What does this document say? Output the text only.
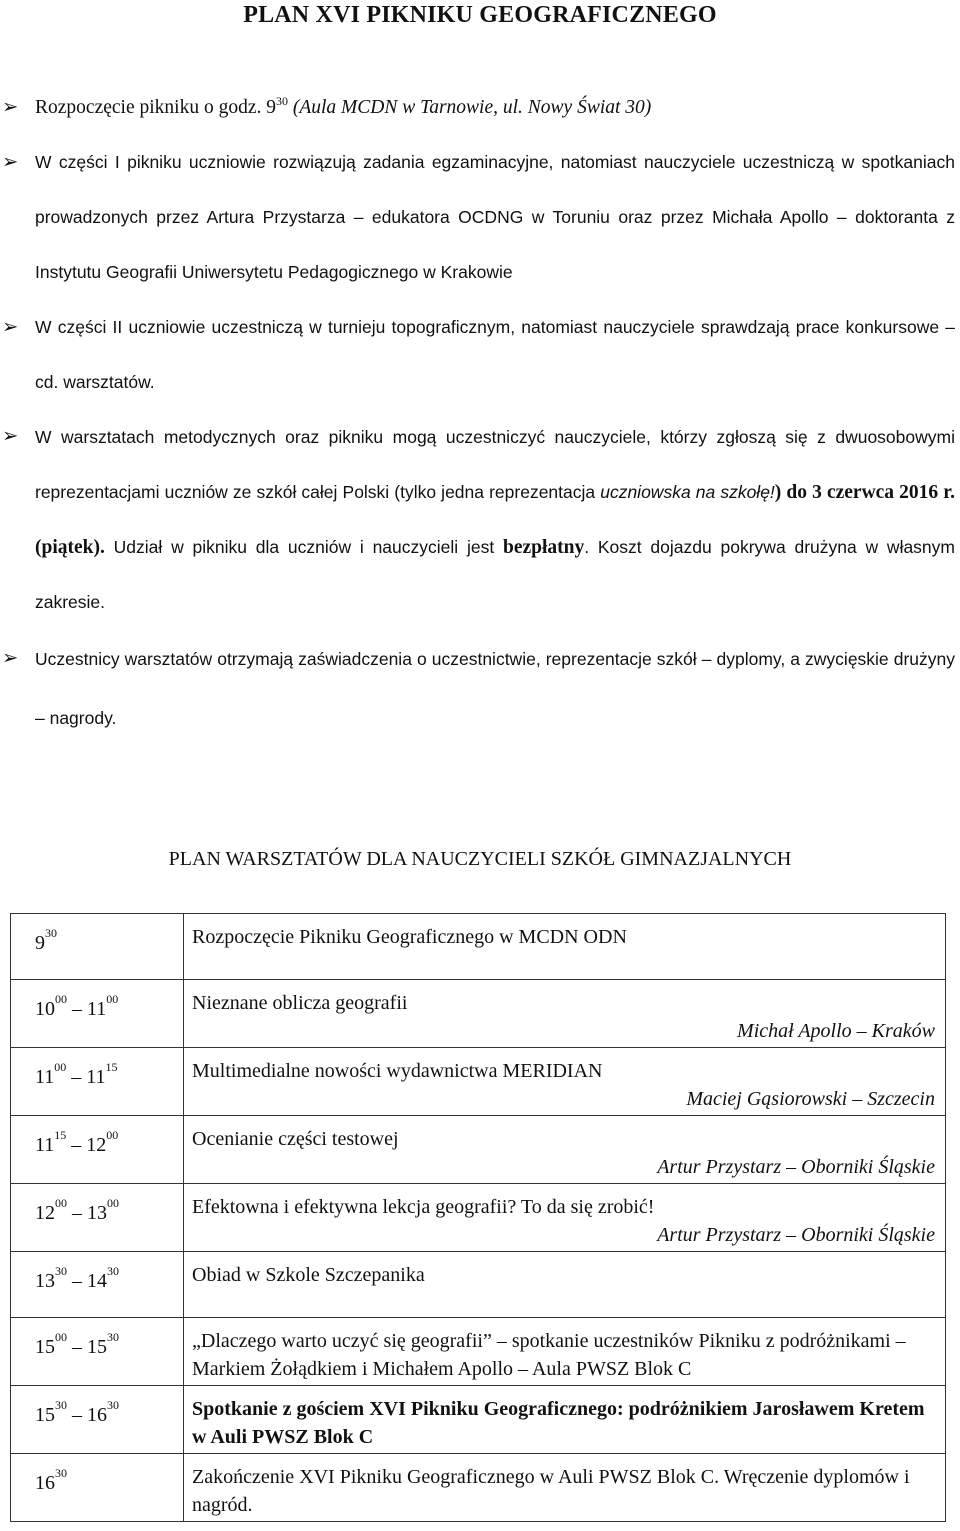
PLAN XVI PIKNIKU GEOGRAFICZNEGO
➢ Rozpoczęcie pikniku o godz. $9^{30}$ (Aula MCDN w Tarnowie, ul. Nowy Świat 30)
➢ W części I pikniku uczniowie rozwiązują zadania egzaminacyjne, natomiast nauczyciele uczestniczą w spotkaniach prowadzonych przez Artura Przystarza – edukatora OCDNG w Toruniu oraz przez Michała Apollo – doktoranta z Instytutu Geografii Uniwersytetu Pedagogicznego w Krakowie
➢ W części II uczniowie uczestniczą w turnieju topograficznym, natomiast nauczyciele sprawdzają prace konkursowe – cd. warsztatów.
➢ W warsztatach metodycznych oraz pikniku mogą uczestniczyć nauczyciele, którzy zgłoszą się z dwuosobowymi reprezentacjami uczniów ze szkół całej Polski (tylko jedna reprezentacja uczniowska na szkołę!) do 3 czerwca 2016 r. (piątek). Udział w pikniku dla uczniów i nauczycieli jest bezpłatny. Koszt dojazdu pokrywa drużyna w własnym zakresie.
➢ Uczestnicy warsztatów otrzymają zaświadczenia o uczestnictwie, reprezentacje szkół – dyplomy, a zwycięskie drużyny – nagrody.
PLAN WARSZTATÓW DLA NAUCZYCIELI SZKÓŁ GIMNAZJALNYCH
$9^{30}$	Rozpoczęcie Pikniku Geograficznego w MCDN ODN

$10^{00} - 11^{00}$	Nieznane oblicza geografii
Michał Apollo – Kraków

$11^{00} - 11^{15}$	Multimedialne nowości wydawnictwa MERIDIAN
Maciej Gąsiorowski – Szczecin

$11^{15} - 12^{00}$	Ocenianie części testowej
Artur Przystarz – Oborniki Śląskie

$12^{00} - 13^{00}$	Efektowna i efektywna lekcja geografii? To da się zrobić!
Artur Przystarz – Oborniki Śląskie

$13^{30} - 14^{30}$	Obiad w Szkole Szczepanika

$15^{00} - 15^{30}$	„Dlaczego warto uczyć się geografii” – spotkanie uczestników Pikniku z podróżnikami – Markiem Żołądkiem i Michałem Apollo – Aula PWSZ Blok C

$15^{30} - 16^{30}$	Spotkanie z gościem XVI Pikniku Geograficznego: podróżnikiem Jarosławem Kretem w Auli PWSZ Blok C

$16^{30}$	Zakończenie XVI Pikniku Geograficznego w Auli PWSZ Blok C. Wręczenie dyplomów i nagród.
